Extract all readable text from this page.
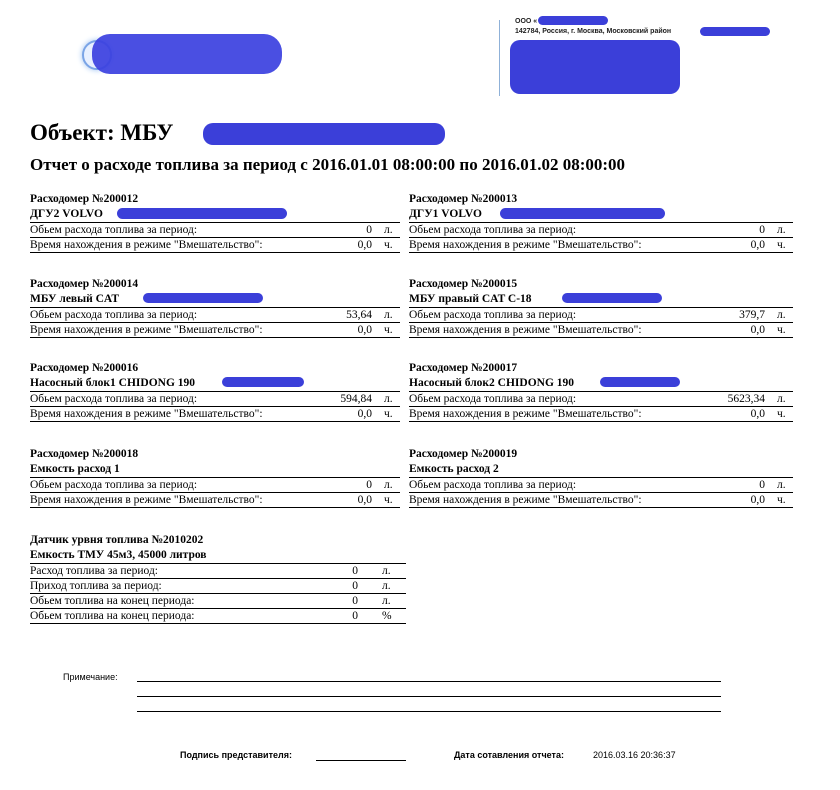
ООО «
142784, Россия, г. Москва, Московский район
Объект: МБУ
Отчет о расходе топлива за период с 2016.01.01 08:00:00 по 2016.01.02 08:00:00
Расходомер №200012
ДГУ2 VOLVO
Обьем расхода топлива за период:	0 л.
Время нахождения в режиме "Вмешательство":	0,0 ч.
Расходомер №200013
ДГУ1 VOLVO
Обьем расхода топлива за период:	0 л.
Время нахождения в режиме "Вмешательство":	0,0 ч.
Расходомер №200014
МБУ левый CAT
Обьем расхода топлива за период:	53,64 л.
Время нахождения в режиме "Вмешательство":	0,0 ч.
Расходомер №200015
МБУ правый CAT C-18
Обьем расхода топлива за период:	379,7 л.
Время нахождения в режиме "Вмешательство":	0,0 ч.
Расходомер №200016
Насосный блок1 CHIDONG 190
Обьем расхода топлива за период:	594,84 л.
Время нахождения в режиме "Вмешательство":	0,0 ч.
Расходомер №200017
Насосный блок2 CHIDONG 190
Обьем расхода топлива за период:	5623,34 л.
Время нахождения в режиме "Вмешательство":	0,0 ч.
Расходомер №200018
Емкость расход 1
Обьем расхода топлива за период:	0 л.
Время нахождения в режиме "Вмешательство":	0,0 ч.
Расходомер №200019
Емкость расход 2
Обьем расхода топлива за период:	0 л.
Время нахождения в режиме "Вмешательство":	0,0 ч.
Датчик урвня топлива №2010202
Емкость ТМУ 45м3, 45000 литров
Расход топлива за период:	0 л.
Приход топлива за период:	0 л.
Обьем топлива на конец периода:	0 л.
Обьем топлива на конец периода:	0 %
Примечание:
Подпись представителя:	Дата сотавления отчета:	2016.03.16 20:36:37
